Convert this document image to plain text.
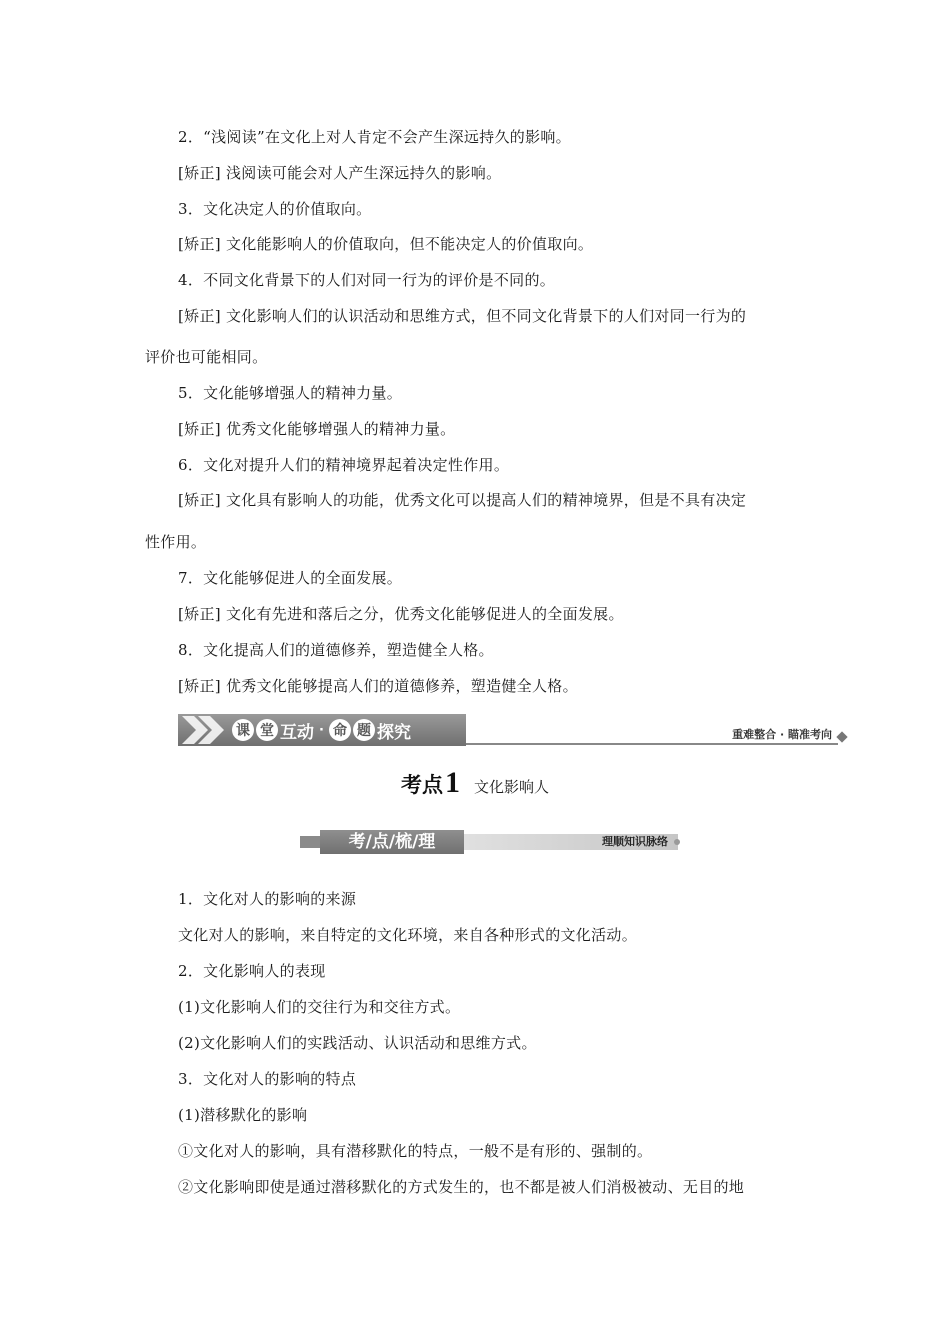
2．“浅阅读”在文化上对人肯定不会产生深远持久的影响。
[矫正] 浅阅读可能会对人产生深远持久的影响。
3．文化决定人的价值取向。
[矫正] 文化能影响人的价值取向，但不能决定人的价值取向。
4．不同文化背景下的人们对同一行为的评价是不同的。
[矫正] 文化影响人们的认识活动和思维方式，但不同文化背景下的人们对同一行为的
评价也可能相同。
5．文化能够增强人的精神力量。
[矫正] 优秀文化能够增强人的精神力量。
6．文化对提升人们的精神境界起着决定性作用。
[矫正] 文化具有影响人的功能，优秀文化可以提高人们的精神境界，但是不具有决定
性作用。
7．文化能够促进人的全面发展。
[矫正] 文化有先进和落后之分，优秀文化能够促进人的全面发展。
8．文化提高人们的道德修养，塑造健全人格。
[矫正] 优秀文化能够提高人们的道德修养，塑造健全人格。
课 堂 互动 · 命 题 探究	重难整合 · 瞄准考向
考点1 文化影响人
考/点/梳/理	理顺知识脉络
1．文化对人的影响的来源
文化对人的影响，来自特定的文化环境，来自各种形式的文化活动。
2．文化影响人的表现
(1)文化影响人们的交往行为和交往方式。
(2)文化影响人们的实践活动、认识活动和思维方式。
3．文化对人的影响的特点
(1)潜移默化的影响
①文化对人的影响，具有潜移默化的特点，一般不是有形的、强制的。
②文化影响即使是通过潜移默化的方式发生的，也不都是被人们消极被动、无目的地
